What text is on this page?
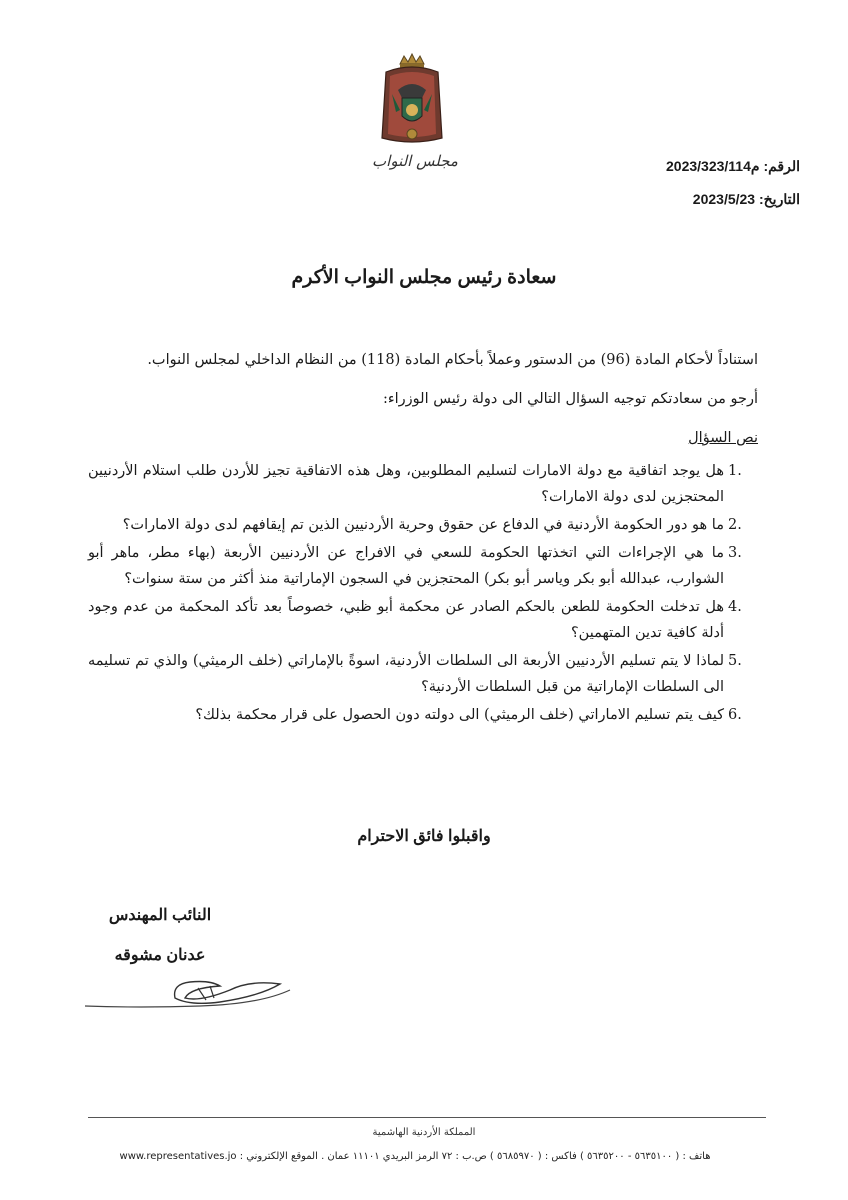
مجلس النواب	الرقم: م2023/323/114
التاريخ: 2023/5/23
سعادة رئيس مجلس النواب الأكرم
استناداً لأحكام المادة (96) من الدستور وعملاً بأحكام المادة (118) من النظام الداخلي لمجلس النواب.
أرجو من سعادتكم توجيه السؤال التالي الى دولة رئيس الوزراء:
نص السؤال
1.
هل يوجد اتفاقية مع دولة الامارات لتسليم المطلوبين، وهل هذه الاتفاقية تجيز للأردن طلب استلام الأردنيين المحتجزين لدى دولة الامارات؟
2.
ما هو دور الحكومة الأردنية في الدفاع عن حقوق وحرية الأردنيين الذين تم إيقافهم لدى دولة الامارات؟
3.
ما هي الإجراءات التي اتخذتها الحكومة للسعي في الافراج عن الأردنيين الأربعة (بهاء مطر، ماهر أبو الشوارب، عبدالله أبو بكر وياسر أبو بكر) المحتجزين في السجون الإماراتية منذ أكثر من ستة سنوات؟
4.
هل تدخلت الحكومة للطعن بالحكم الصادر عن محكمة أبو ظبي، خصوصاً بعد تأكد المحكمة من عدم وجود أدلة كافية تدين المتهمين؟
5.
لماذا لا يتم تسليم الأردنيين الأربعة الى السلطات الأردنية، اسوةً بالإماراتي (خلف الرميثي) والذي تم تسليمه الى السلطات الإماراتية من قبل السلطات الأردنية؟
6.
كيف يتم تسليم الاماراتي (خلف الرميثي) الى دولته دون الحصول على قرار محكمة بذلك؟
واقبلوا فائق الاحترام
النائب المهندس
عدنان مشوقه
المملكة الأردنية الهاشمية
هاتف : ( ٥٦٣٥١٠٠ - ٥٦٣٥٢٠٠ ) فاكس : ( ٥٦٨٥٩٧٠ ) ص.ب : ٧٢ الرمز البريدي ١١١٠١ عمان . الموقع الإلكتروني : www.representatives.jo
